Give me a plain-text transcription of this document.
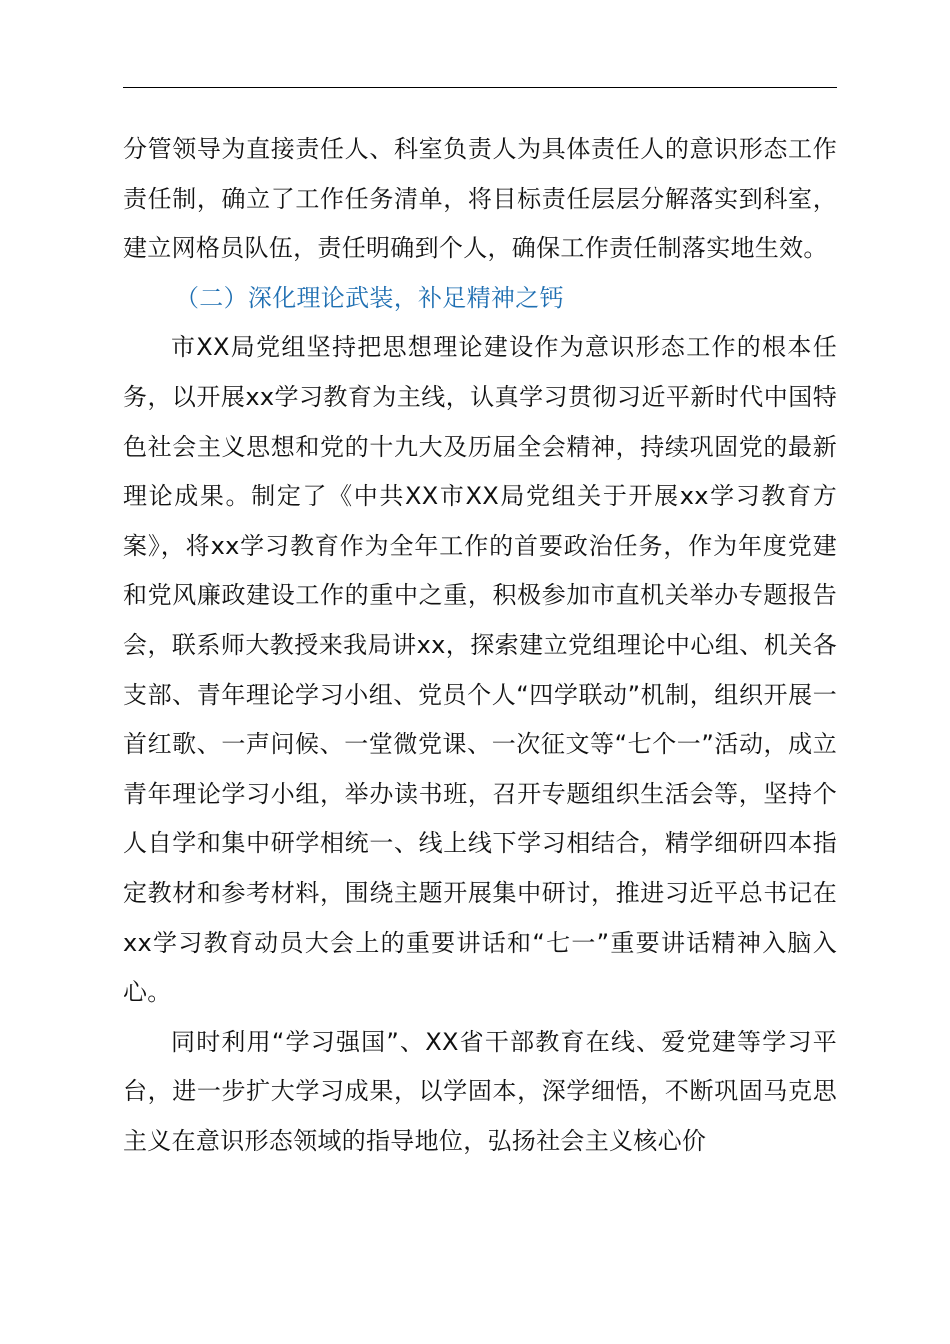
分管领导为直接责任人、科室负责人为具体责任人的意识形态工作责任制，确立了工作任务清单，将目标责任层层分解落实到科室，建立网格员队伍，责任明确到个人，确保工作责任制落实地生效。

（二）深化理论武装，补足精神之钙

市XX局党组坚持把思想理论建设作为意识形态工作的根本任务，以开展xx学习教育为主线，认真学习贯彻习近平新时代中国特色社会主义思想和党的十九大及历届全会精神，持续巩固党的最新理论成果。制定了《中共XX市XX局党组关于开展xx学习教育方案》，将xx学习教育作为全年工作的首要政治任务，作为年度党建和党风廉政建设工作的重中之重，积极参加市直机关举办专题报告会，联系师大教授来我局讲xx，探索建立党组理论中心组、机关各支部、青年理论学习小组、党员个人“四学联动”机制，组织开展一首红歌、一声问候、一堂微党课、一次征文等“七个一”活动，成立青年理论学习小组，举办读书班，召开专题组织生活会等，坚持个人自学和集中研学相统一、线上线下学习相结合，精学细研四本指定教材和参考材料，围绕主题开展集中研讨，推进习近平总书记在xx学习教育动员大会上的重要讲话和“七一”重要讲话精神入脑入心。

同时利用“学习强国”、XX省干部教育在线、爱党建等学习平台，进一步扩大学习成果，以学固本，深学细悟，不断巩固马克思主义在意识形态领域的指导地位，弘扬社会主义核心价
